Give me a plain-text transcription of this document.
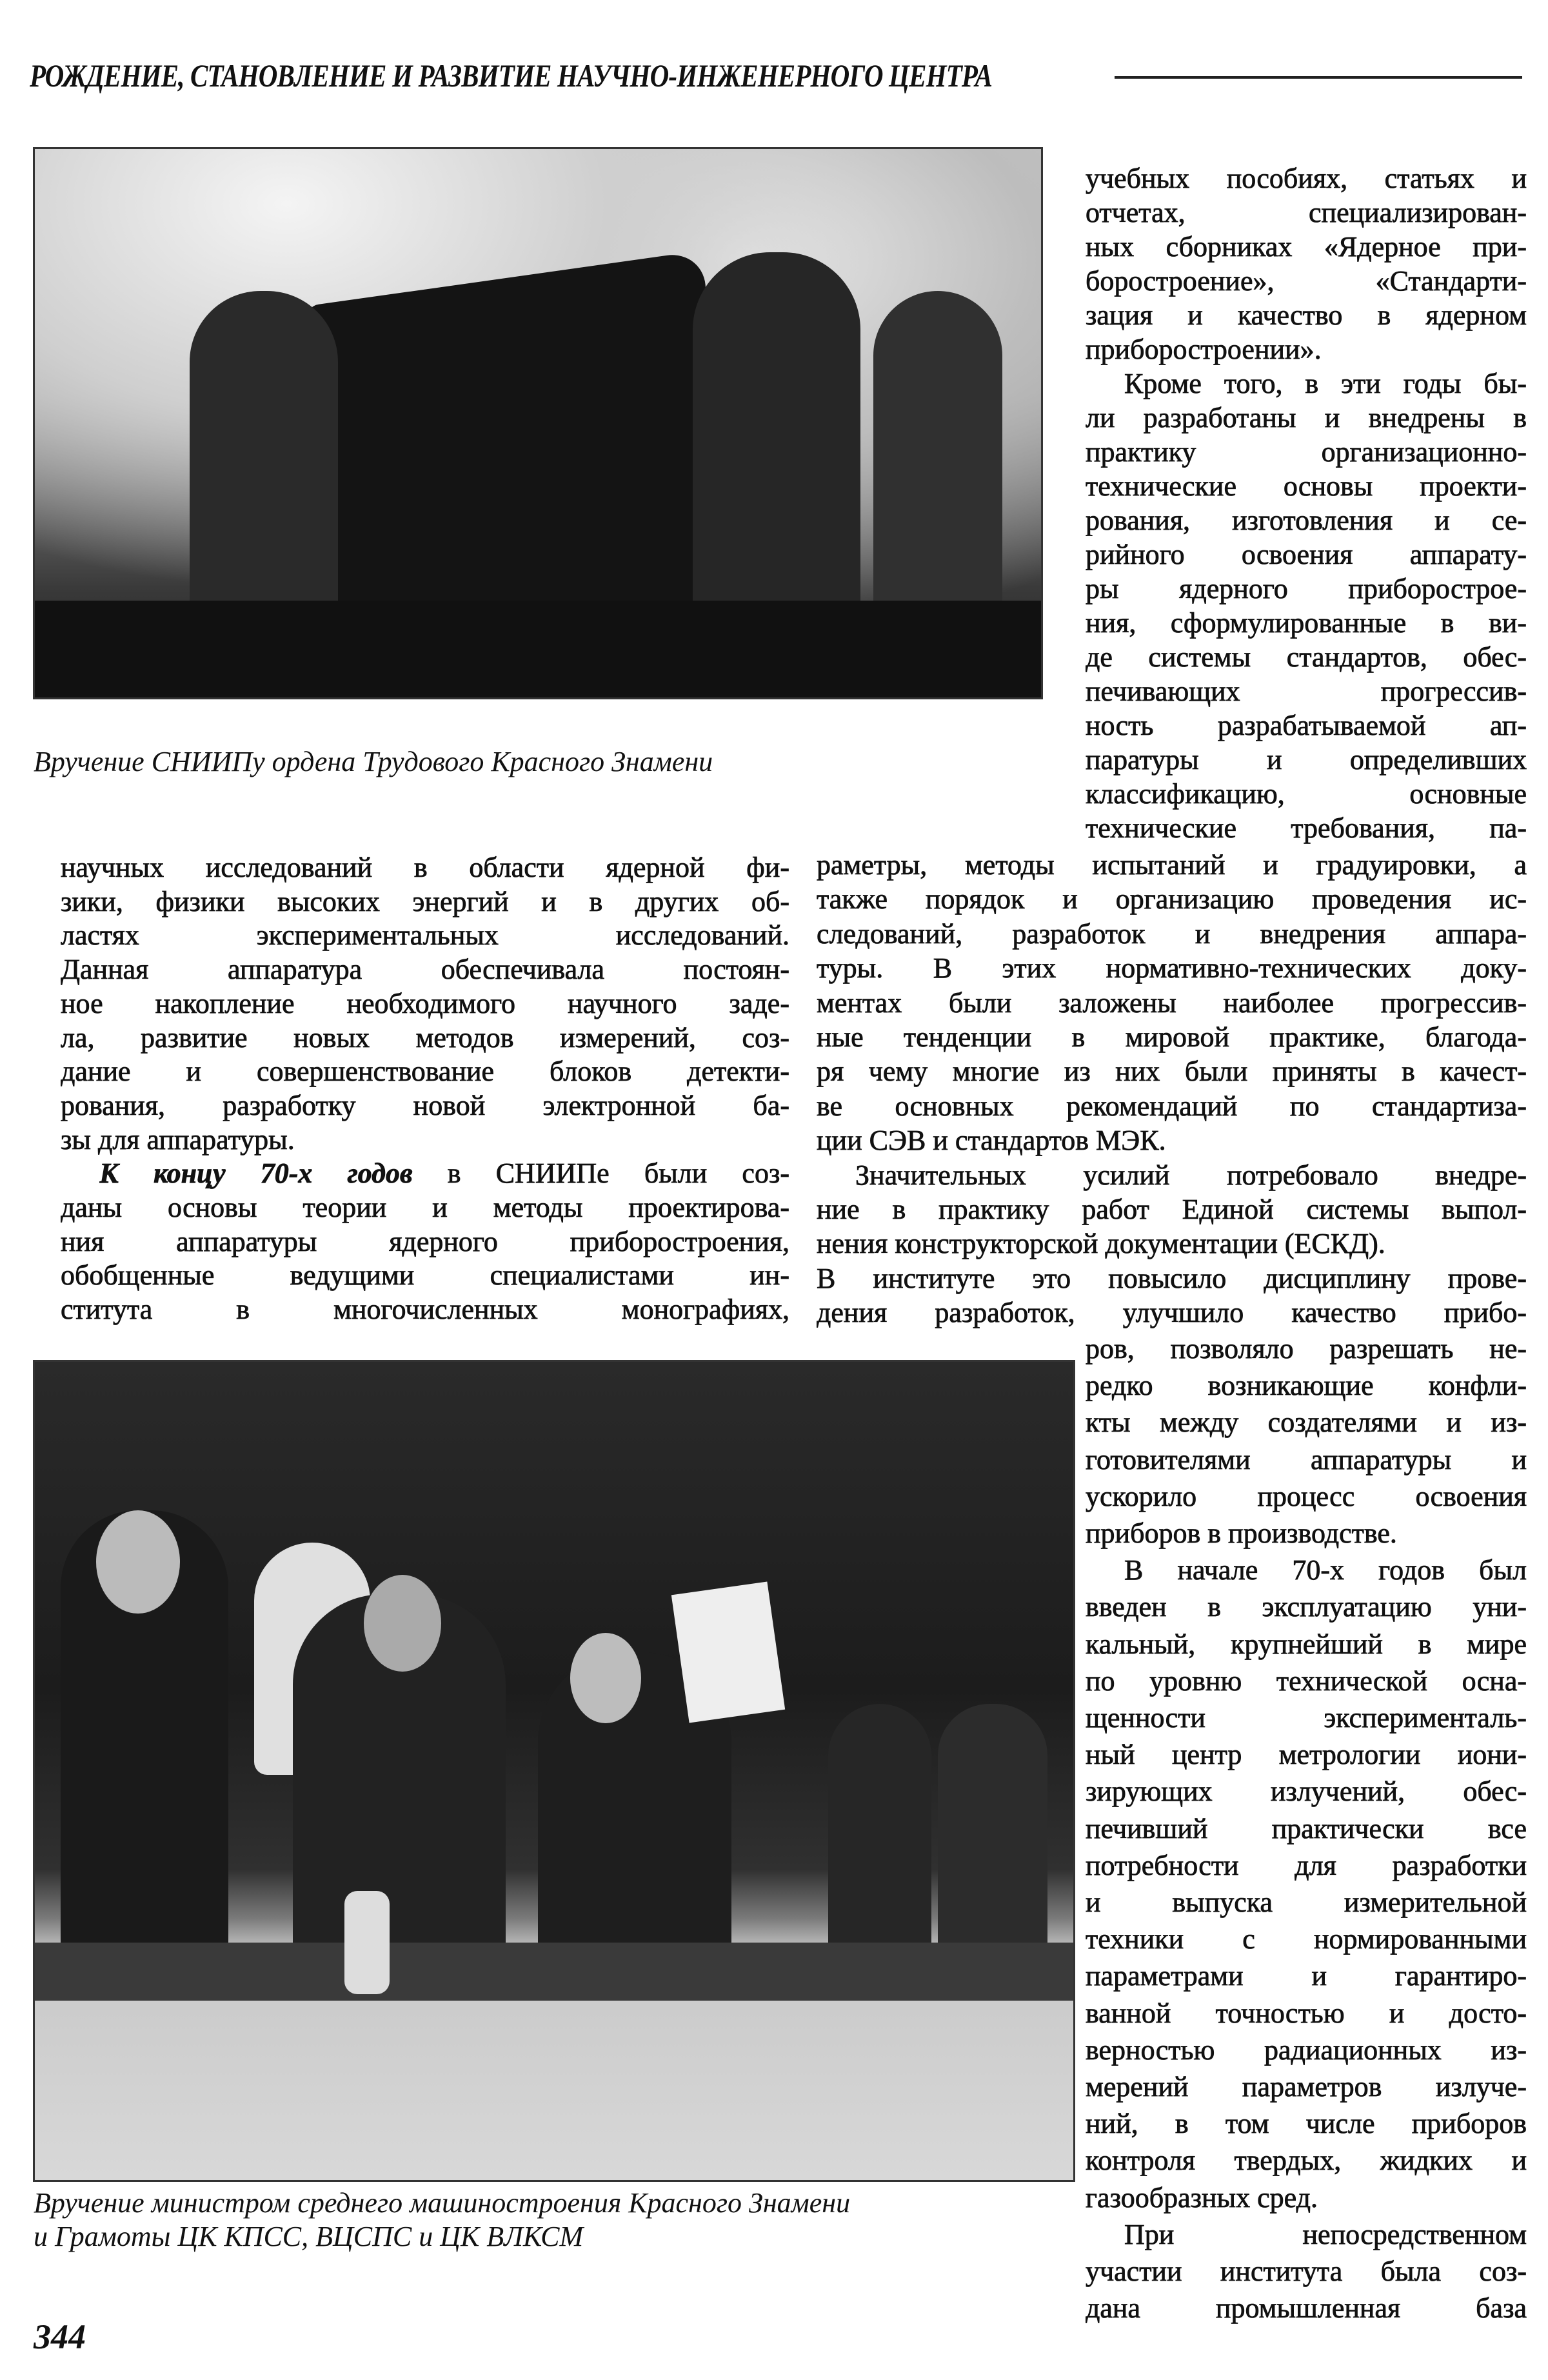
РОЖДЕНИЕ, СТАНОВЛЕНИЕ И РАЗВИТИЕ НАУЧНО-ИНЖЕНЕРНОГО ЦЕНТРА
Вручение СНИИПу ордена Трудового Красного Знамени
Вручение министром среднего машиностроения Красного Знамени
и Грамоты ЦК КПСС, ВЦСПС и ЦК ВЛКСМ
учебных пособиях, статьях и
отчетах, специализирован-
ных сборниках «Ядерное при-
боростроение», «Стандарти-
зация и качество в ядерном
приборостроении».
Кроме того, в эти годы бы-
ли разработаны и внедрены в
практику организационно-
технические основы проекти-
рования, изготовления и се-
рийного освоения аппарату-
ры ядерного приборострое-
ния, сформулированные в ви-
де системы стандартов, обес-
печивающих прогрессив-
ность разрабатываемой ап-
паратуры и определивших
классификацию, основные
технические требования, па-
научных исследований в области ядерной фи-
зики, физики высоких энергий и в других об-
ластях экспериментальных исследований.
Данная аппаратура обеспечивала постоян-
ное накопление необходимого научного заде-
ла, развитие новых методов измерений, соз-
дание и совершенствование блоков детекти-
рования, разработку новой электронной ба-
зы для аппаратуры.
К концу 70-х годов в СНИИПе были соз-
даны основы теории и методы проектирова-
ния аппаратуры ядерного приборостроения,
обобщенные ведущими специалистами ин-
ститута в многочисленных монографиях,
раметры, методы испытаний и градуировки, а
также порядок и организацию проведения ис-
следований, разработок и внедрения аппара-
туры. В этих нормативно-технических доку-
ментах были заложены наиболее прогрессив-
ные тенденции в мировой практике, благода-
ря чему многие из них были приняты в качест-
ве основных рекомендаций по стандартиза-
ции СЭВ и стандартов МЭК.
Значительных усилий потребовало внедре-
ние в практику работ Единой системы выпол-
нения конструкторской документации (ЕСКД).
В институте это повысило дисциплину прове-
дения разработок, улучшило качество прибо-
ров, позволяло разрешать не-
редко возникающие конфли-
кты между создателями и из-
готовителями аппаратуры и
ускорило процесс освоения
приборов в производстве.
В начале 70-х годов был
введен в эксплуатацию уни-
кальный, крупнейший в мире
по уровню технической осна-
щенности эксперименталь-
ный центр метрологии иони-
зирующих излучений, обес-
печивший практически все
потребности для разработки
и выпуска измерительной
техники с нормированными
параметрами и гарантиро-
ванной точностью и досто-
верностью радиационных из-
мерений параметров излуче-
ний, в том числе приборов
контроля твердых, жидких и
газообразных сред.
При непосредственном
участии института была соз-
дана промышленная база
344
